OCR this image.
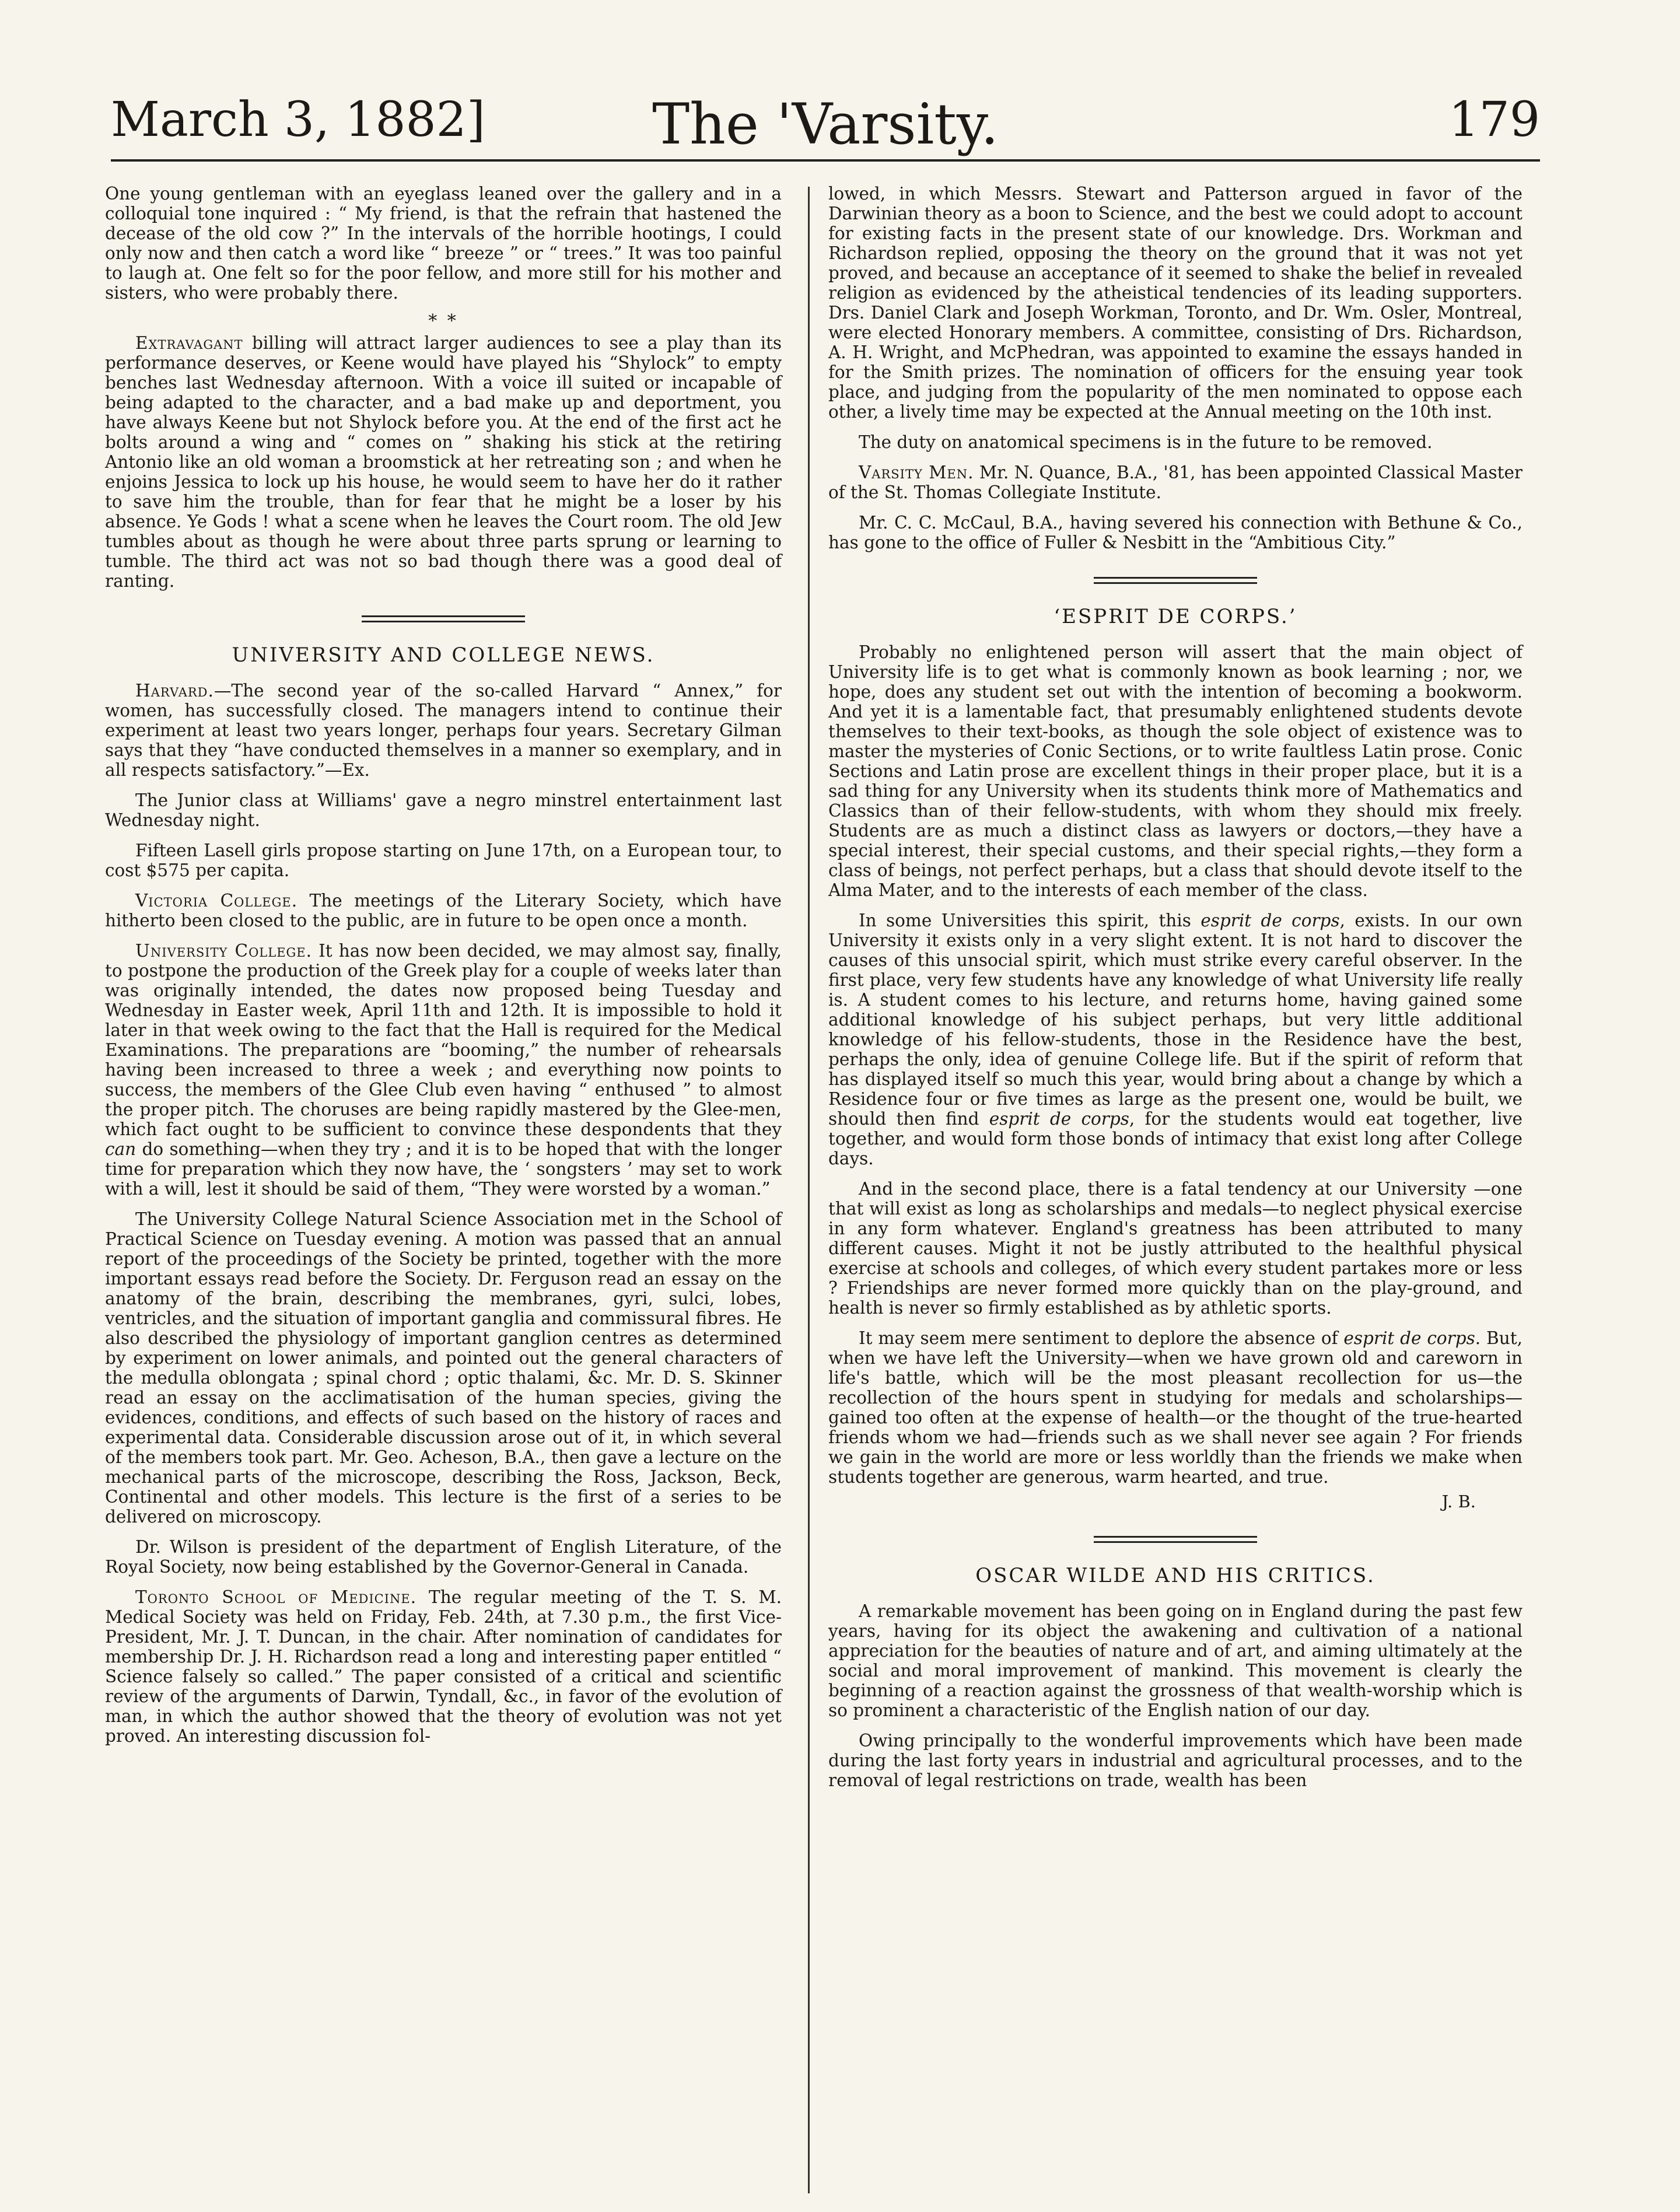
March 3, 1882]	The 'Varsity.	179

One young gentleman with an eyeglass leaned over the gallery and in a colloquial tone inquired : “ My friend, is that the refrain that hastened the decease of the old cow ?” In the intervals of the horrible hootings, I could only now and then catch a word like “ breeze ” or “ trees.” It was too painful to laugh at. One felt so for the poor fellow, and more still for his mother and sisters, who were probably there.

* *

Extravagant billing will attract larger audiences to see a play than its performance deserves, or Keene would have played his “Shylock” to empty benches last Wednesday afternoon. With a voice ill suited or incapable of being adapted to the character, and a bad make up and deportment, you have always Keene but not Shylock before you. At the end of the first act he bolts around a wing and “ comes on ” shaking his stick at the retiring Antonio like an old woman a broomstick at her retreating son ; and when he enjoins Jessica to lock up his house, he would seem to have her do it rather to save him the trouble, than for fear that he might be a loser by his absence. Ye Gods ! what a scene when he leaves the Court room. The old Jew tumbles about as though he were about three parts sprung or learning to tumble. The third act was not so bad though there was a good deal of ranting.

UNIVERSITY AND COLLEGE NEWS.

Harvard.—The second year of the so-called Harvard “ Annex,” for women, has successfully closed. The managers intend to continue their experiment at least two years longer, perhaps four years. Secretary Gilman says that they “have conducted themselves in a manner so exemplary, and in all respects satisfactory.”—Ex.

The Junior class at Williams' gave a negro minstrel entertainment last Wednesday night.

Fifteen Lasell girls propose starting on June 17th, on a European tour, to cost $575 per capita.

Victoria College. The meetings of the Literary Society, which have hitherto been closed to the public, are in future to be open once a month.

University College. It has now been decided, we may almost say, finally, to postpone the production of the Greek play for a couple of weeks later than was originally intended, the dates now proposed being Tuesday and Wednesday in Easter week, April 11th and 12th. It is impossible to hold it later in that week owing to the fact that the Hall is required for the Medical Examinations. The preparations are “booming,” the number of rehearsals having been increased to three a week ; and everything now points to success, the members of the Glee Club even having “ enthused ” to almost the proper pitch. The choruses are being rapidly mastered by the Glee-men, which fact ought to be sufficient to convince these despondents that they can do something—when they try ; and it is to be hoped that with the longer time for preparation which they now have, the ‘ songsters ’ may set to work with a will, lest it should be said of them, “They were worsted by a woman.”

The University College Natural Science Association met in the School of Practical Science on Tuesday evening. A motion was passed that an annual report of the proceedings of the Society be printed, together with the more important essays read before the Society. Dr. Ferguson read an essay on the anatomy of the brain, describing the membranes, gyri, sulci, lobes, ventricles, and the situation of important ganglia and commissural fibres. He also described the physiology of important ganglion centres as determined by experiment on lower animals, and pointed out the general characters of the medulla oblongata ; spinal chord ; optic thalami, &c. Mr. D. S. Skinner read an essay on the acclimatisation of the human species, giving the evidences, conditions, and effects of such based on the history of races and experimental data. Considerable discussion arose out of it, in which several of the members took part. Mr. Geo. Acheson, B.A., then gave a lecture on the mechanical parts of the microscope, describing the Ross, Jackson, Beck, Continental and other models. This lecture is the first of a series to be delivered on microscopy.

Dr. Wilson is president of the department of English Literature, of the Royal Society, now being established by the Governor-General in Canada.

Toronto School of Medicine. The regular meeting of the T. S. M. Medical Society was held on Friday, Feb. 24th, at 7.30 p.m., the first Vice-President, Mr. J. T. Duncan, in the chair. After nomination of candidates for membership Dr. J. H. Richardson read a long and interesting paper entitled “ Science falsely so called.” The paper consisted of a critical and scientific review of the arguments of Darwin, Tyndall, &c., in favor of the evolution of man, in which the author showed that the theory of evolution was not yet proved. An interesting discussion fol-

lowed, in which Messrs. Stewart and Patterson argued in favor of the Darwinian theory as a boon to Science, and the best we could adopt to account for existing facts in the present state of our knowledge. Drs. Workman and Richardson replied, opposing the theory on the ground that it was not yet proved, and because an acceptance of it seemed to shake the belief in revealed religion as evidenced by the atheistical tendencies of its leading supporters. Drs. Daniel Clark and Joseph Workman, Toronto, and Dr. Wm. Osler, Montreal, were elected Honorary members. A committee, consisting of Drs. Richardson, A. H. Wright, and McPhedran, was appointed to examine the essays handed in for the Smith prizes. The nomination of officers for the ensuing year took place, and judging from the popularity of the men nominated to oppose each other, a lively time may be expected at the Annual meeting on the 10th inst.

The duty on anatomical specimens is in the future to be removed.

Varsity Men. Mr. N. Quance, B.A., '81, has been appointed Classical Master of the St. Thomas Collegiate Institute.

Mr. C. C. McCaul, B.A., having severed his connection with Bethune & Co., has gone to the office of Fuller & Nesbitt in the “Ambitious City.”

‘ESPRIT DE CORPS.’

Probably no enlightened person will assert that the main object of University life is to get what is commonly known as book learning ; nor, we hope, does any student set out with the intention of becoming a bookworm. And yet it is a lamentable fact, that presumably enlightened students devote themselves to their text-books, as though the sole object of existence was to master the mysteries of Conic Sections, or to write faultless Latin prose. Conic Sections and Latin prose are excellent things in their proper place, but it is a sad thing for any University when its students think more of Mathematics and Classics than of their fellow-students, with whom they should mix freely. Students are as much a distinct class as lawyers or doctors,—they have a special interest, their special customs, and their special rights,—they form a class of beings, not perfect perhaps, but a class that should devote itself to the Alma Mater, and to the interests of each member of the class.

In some Universities this spirit, this esprit de corps, exists. In our own University it exists only in a very slight extent. It is not hard to discover the causes of this unsocial spirit, which must strike every careful observer. In the first place, very few students have any knowledge of what University life really is. A student comes to his lecture, and returns home, having gained some additional knowledge of his subject perhaps, but very little additional knowledge of his fellow-students, those in the Residence have the best, perhaps the only, idea of genuine College life. But if the spirit of reform that has displayed itself so much this year, would bring about a change by which a Residence four or five times as large as the present one, would be built, we should then find esprit de corps, for the students would eat together, live together, and would form those bonds of intimacy that exist long after College days.

And in the second place, there is a fatal tendency at our University —one that will exist as long as scholarships and medals—to neglect physical exercise in any form whatever. England's greatness has been attributed to many different causes. Might it not be justly attributed to the healthful physical exercise at schools and colleges, of which every student partakes more or less ? Friendships are never formed more quickly than on the play-ground, and health is never so firmly established as by athletic sports.

It may seem mere sentiment to deplore the absence of esprit de corps. But, when we have left the University—when we have grown old and careworn in life's battle, which will be the most pleasant recollection for us—the recollection of the hours spent in studying for medals and scholarships—gained too often at the expense of health—or the thought of the true-hearted friends whom we had—friends such as we shall never see again ? For friends we gain in the world are more or less worldly than the friends we make when students together are generous, warm hearted, and true.

J. B.

OSCAR WILDE AND HIS CRITICS.

A remarkable movement has been going on in England during the past few years, having for its object the awakening and cultivation of a national appreciation for the beauties of nature and of art, and aiming ultimately at the social and moral improvement of mankind. This movement is clearly the beginning of a reaction against the grossness of that wealth-worship which is so prominent a characteristic of the English nation of our day.

Owing principally to the wonderful improvements which have been made during the last forty years in industrial and agricultural processes, and to the removal of legal restrictions on trade, wealth has been
